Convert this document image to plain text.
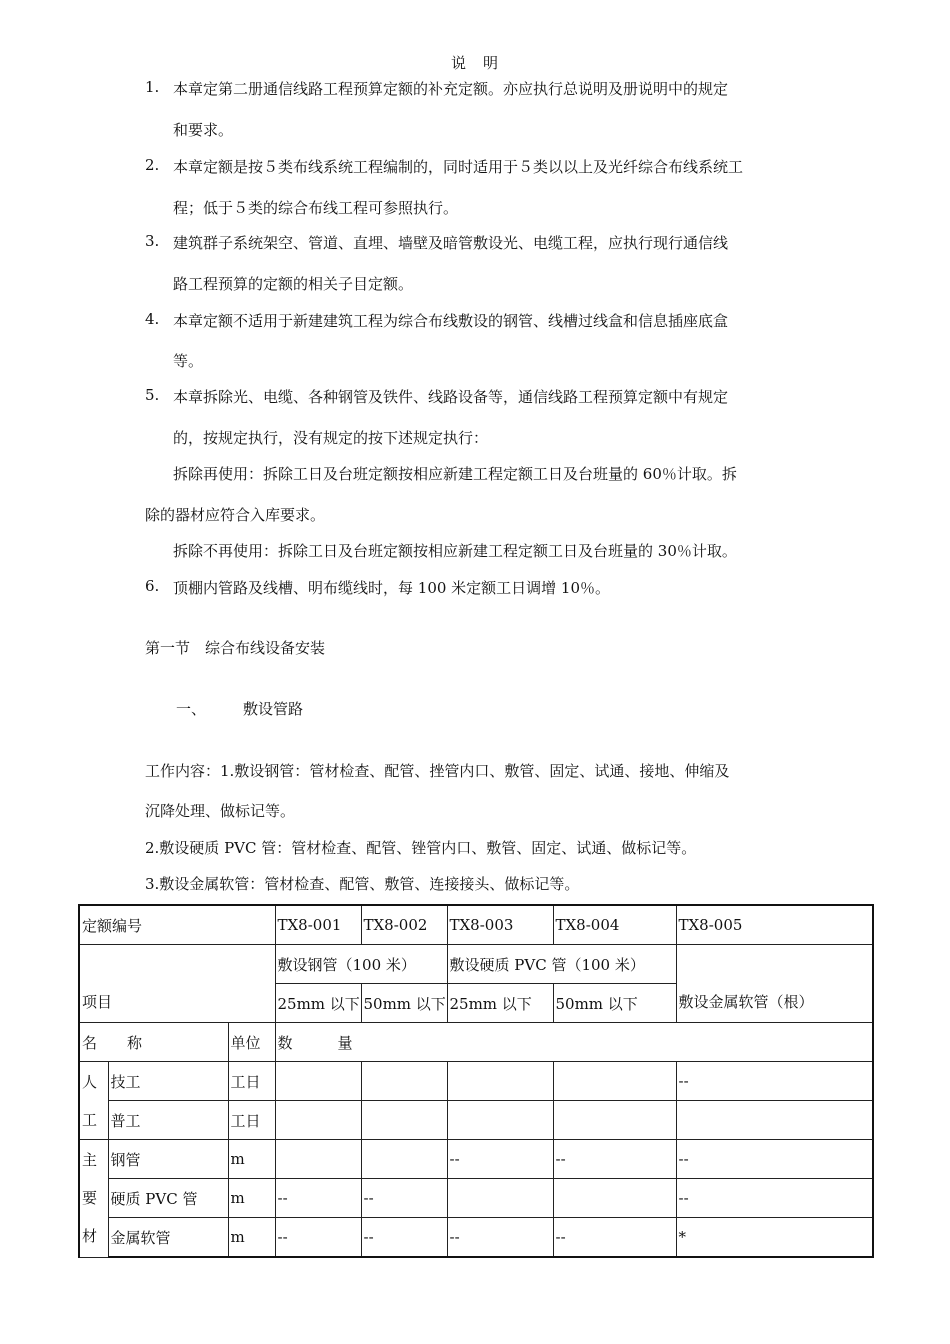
说　明
1. 本章定第二册通信线路工程预算定额的补充定额。亦应执行总说明及册说明中的规定
和要求。
2. 本章定额是按５类布线系统工程编制的，同时适用于５类以以上及光纤综合布线系统工
程；低于５类的综合布线工程可参照执行。
3. 建筑群子系统架空、管道、直埋、墙壁及暗管敷设光、电缆工程，应执行现行通信线
路工程预算的定额的相关子目定额。
4. 本章定额不适用于新建建筑工程为综合布线敷设的钢管、线槽过线盒和信息插座底盒
等。
5. 本章拆除光、电缆、各种钢管及铁件、线路设备等，通信线路工程预算定额中有规定
的，按规定执行，没有规定的按下述规定执行：
拆除再使用：拆除工日及台班定额按相应新建工程定额工日及台班量的 60％计取。拆
除的器材应符合入库要求。
拆除不再使用：拆除工日及台班定额按相应新建工程定额工日及台班量的 30％计取。
6. 顶棚内管路及线槽、明布缆线时，每 100 米定额工日调增 10％。
第一节　综合布线设备安装
一、 敷设管路
工作内容：1.敷设钢管：管材检查、配管、挫管内口、敷管、固定、试通、接地、伸缩及
沉降处理、做标记等。
2.敷设硬质 PVC 管：管材检查、配管、锉管内口、敷管、固定、试通、做标记等。
3.敷设金属软管：管材检查、配管、敷管、连接接头、做标记等。
定额编号			TX8-001	TX8-002	TX8-003	TX8-004	TX8-005
项目			敷设钢管（100 米）		敷设硬质 PVC 管（100 米）		敷设金属软管（根）
			25mm 以下	50mm 以下	25mm 以下	50mm 以下	
名　　称		单位	数　　　量				

人
工	技工	工日					--
	普工	工日					

主
要
材	钢管	m			--	--	--
	硬质 PVC 管	m	--	--			--
	金属软管	m	--	--	--	--	*
